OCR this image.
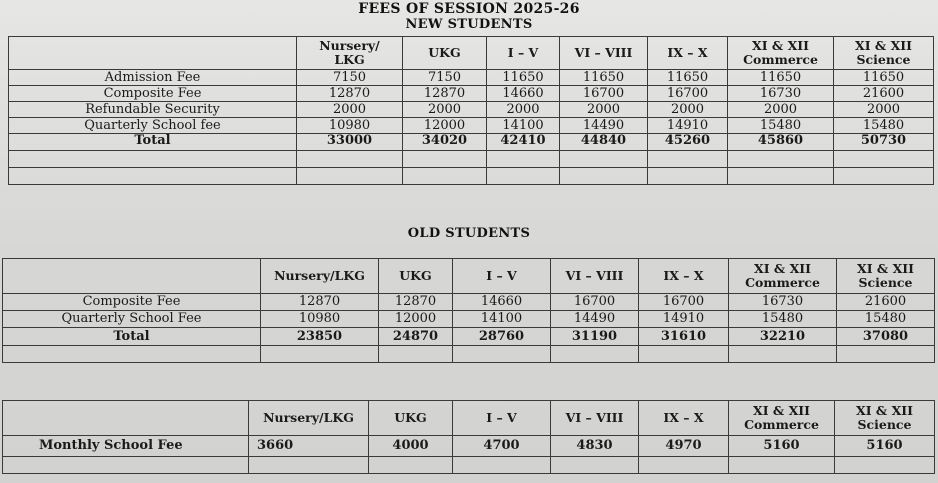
FEES OF SESSION 2025-26
NEW STUDENTS
	Nursery/ LKG	UKG	I – V	VI – VIII	IX – X	XI & XII Commerce	XI & XII Science
Admission Fee	7150	7150	11650	11650	11650	11650	11650
Composite Fee	12870	12870	14660	16700	16700	16730	21600
Refundable Security	2000	2000	2000	2000	2000	2000	2000
Quarterly School fee	10980	12000	14100	14490	14910	15480	15480
Total	33000	34020	42410	44840	45260	45860	50730

OLD STUDENTS
	Nursery/LKG	UKG	I – V	VI – VIII	IX – X	XI & XII Commerce	XI & XII Science
Composite Fee	12870	12870	14660	16700	16700	16730	21600
Quarterly School Fee	10980	12000	14100	14490	14910	15480	15480
Total	23850	24870	28760	31190	31610	32210	37080

	Nursery/LKG	UKG	I – V	VI – VIII	IX – X	XI & XII Commerce	XI & XII Science
Monthly School Fee	3660	4000	4700	4830	4970	5160	5160
